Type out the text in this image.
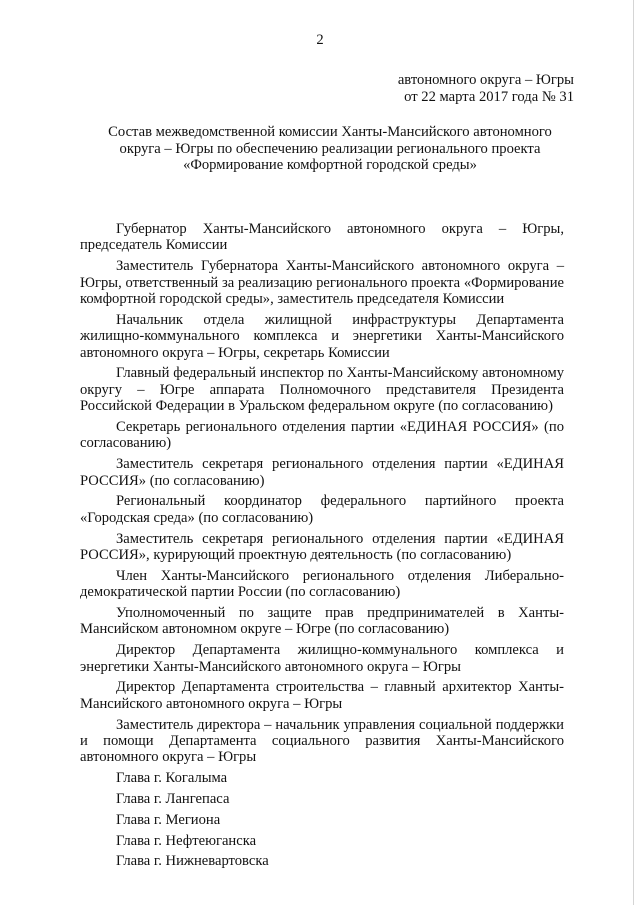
2
автономного округа – Югры
от 22 марта 2017 года № 31
Состав межведомственной комиссии Ханты-Мансийского автономного
округа – Югры по обеспечению реализации регионального проекта
«Формирование комфортной городской среды»

Губернатор Ханты-Мансийского автономного округа – Югры, председатель Комиссии

Заместитель Губернатора Ханты-Мансийского автономного округа – Югры, ответственный за реализацию регионального проекта «Формирование комфортной городской среды», заместитель председателя Комиссии

Начальник отдела жилищной инфраструктуры Департамента жилищно-коммунального комплекса и энергетики Ханты-Мансийского автономного округа – Югры, секретарь Комиссии

Главный федеральный инспектор по Ханты-Мансийскому автономному округу – Югре аппарата Полномочного представителя Президента Российской Федерации в Уральском федеральном округе (по согласованию)

Секретарь регионального отделения партии «ЕДИНАЯ РОССИЯ» (по согласованию)

Заместитель секретаря регионального отделения партии «ЕДИНАЯ РОССИЯ» (по согласованию)

Региональный координатор федерального партийного проекта «Городская среда» (по согласованию)

Заместитель секретаря регионального отделения партии «ЕДИНАЯ РОССИЯ», курирующий проектную деятельность (по согласованию)

Член Ханты-Мансийского регионального отделения Либерально-демократической партии России (по согласованию)

Уполномоченный по защите прав предпринимателей в Ханты-Мансийском автономном округе – Югре (по согласованию)

Директор Департамента жилищно-коммунального комплекса и энергетики Ханты-Мансийского автономного округа – Югры

Директор Департамента строительства – главный архитектор Ханты-Мансийского автономного округа – Югры

Заместитель директора – начальник управления социальной поддержки и помощи Департамента социального развития Ханты-Мансийского автономного округа – Югры

Глава г. Когалыма

Глава г. Лангепаса

Глава г. Мегиона

Глава г. Нефтеюганска

Глава г. Нижневартовска
